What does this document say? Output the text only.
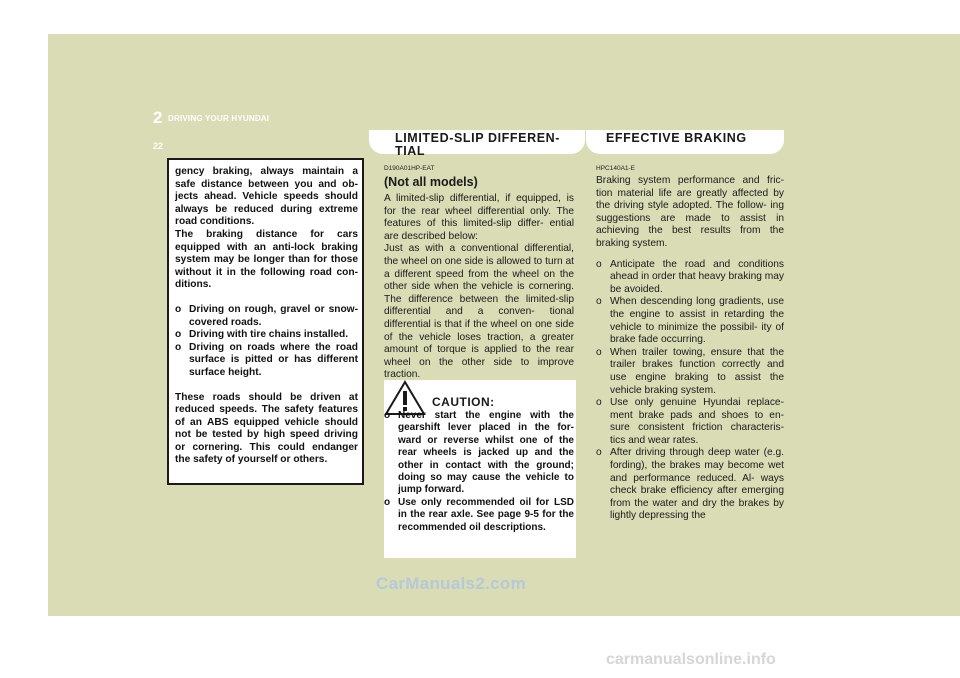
2 DRIVING YOUR HYUNDAI
22
LIMITED-SLIP DIFFEREN-
TIAL
EFFECTIVE BRAKING

gency braking, always maintain a safe distance between you and ob- jects ahead. Vehicle speeds should always be reduced during extreme road conditions.

The braking distance for cars equipped with an anti-lock braking system may be longer than for those without it in the following road con- ditions.

o Driving on rough, gravel or snow- covered roads.
o Driving with tire chains installed.
o Driving on roads where the road surface is pitted or has different surface height.

These roads should be driven at reduced speeds. The safety features of an ABS equipped vehicle should not be tested by high speed driving or cornering. This could endanger the safety of yourself or others.

D190A01HP-EAT
(Not all models)

A limited-slip differential, if equipped, is for the rear wheel differential only. The features of this limited-slip differ- ential are described below:

Just as with a conventional differential, the wheel on one side is allowed to turn at a different speed from the wheel on the other side when the vehicle is cornering. The difference between the limited-slip differential and a conven- tional differential is that if the wheel on one side of the vehicle loses traction, a greater amount of torque is applied to the rear wheel on the other side to improve traction.

CAUTION:
o Never start the engine with the gearshift lever placed in the for- ward or reverse whilst one of the rear wheels is jacked up and the other in contact with the ground; doing so may cause the vehicle to jump forward.
o Use only recommended oil for LSD in the rear axle. See page 9-5 for the recommended oil descriptions.
HPC140A1-E

Braking system performance and fric- tion material life are greatly affected by the driving style adopted. The follow- ing suggestions are made to assist in achieving the best results from the braking system.

o Anticipate the road and conditions ahead in order that heavy braking may be avoided.
o When descending long gradients, use the engine to assist in retarding the vehicle to minimize the possibil- ity of brake fade occurring.
o When trailer towing, ensure that the trailer brakes function correctly and use engine braking to assist the vehicle braking system.
o Use only genuine Hyundai replace- ment brake pads and shoes to en- sure consistent friction characteris- tics and wear rates.
o After driving through deep water (e.g. fording), the brakes may become wet and performance reduced. Al- ways check brake efficiency after emerging from the water and dry the brakes by lightly depressing the
CarManuals2.com
carmanualsonline.info
